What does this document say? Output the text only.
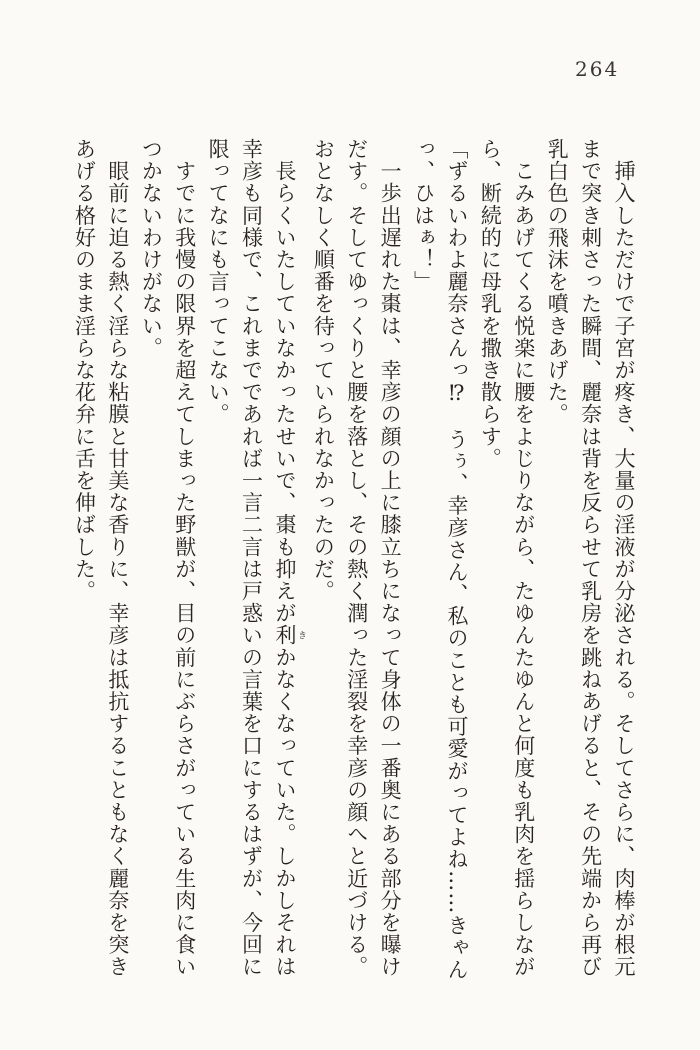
264

　挿入しただけで子宮が疼き、大量の淫液が分泌される。そしてさらに、肉棒が根元

まで突き刺さった瞬間、麗奈は背を反らせて乳房を跳ねあげると、その先端から再び

乳白色の飛沫を噴きあげた。

　こみあげてくる悦楽に腰をよじりながら、たゆんたゆんと何度も乳肉を揺らしなが

ら、断続的に母乳を撒き散らす。

「ずるいわよ麗奈さんっ⁉　うぅ、幸彦さん、私のことも可愛がってよね……きゃん

っ、ひはぁ！」

　一歩出遅れた棗は、幸彦の顔の上に膝立ちになって身体の一番奥にある部分を曝け

だす。そしてゆっくりと腰を落とし、その熱く潤った淫裂を幸彦の顔へと近づける。

おとなしく順番を待っていられなかったのだ。

　長らくいたしていなかったせいで、棗も抑えが利 きかなくなっていた。しかしそれは

幸彦も同様で、これまでであれば一言二言は戸惑いの言葉を口にするはずが、今回に

限ってなにも言ってこない。

　すでに我慢の限界を超えてしまった野獣が、目の前にぶらさがっている生肉に食い

つかないわけがない。

　眼前に迫る熱く淫らな粘膜と甘美な香りに、幸彦は抵抗することもなく麗奈を突き

あげる格好のまま淫らな花弁に舌を伸ばした。
